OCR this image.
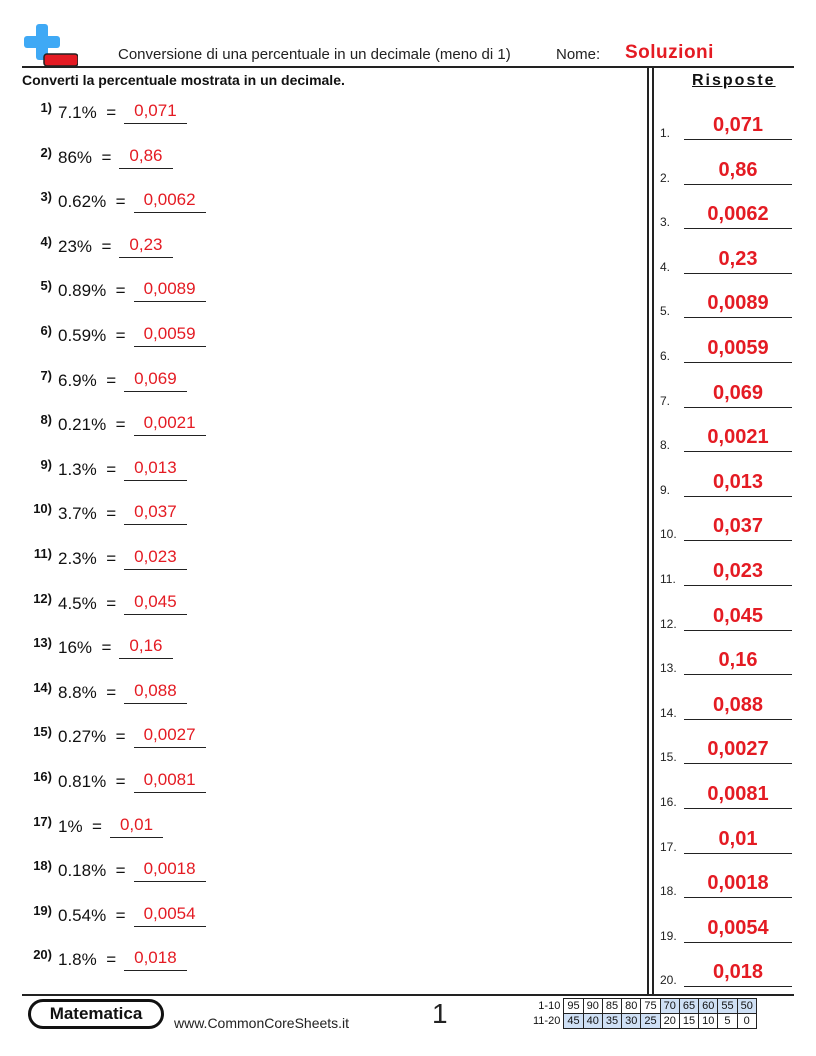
Conversione di una percentuale in un decimale (meno di 1)	Nome: Soluzioni
Converti la percentuale mostrata in un decimale.	Risposte
1) 7.1%  =	0,071
2) 86%  =	0,86
3) 0.62%  =	0,0062
4) 23%  =	0,23
5) 0.89%  =	0,0089
6) 0.59%  =	0,0059
7) 6.9%  =	0,069
8) 0.21%  =	0,0021
9) 1.3%  =	0,013
10) 3.7%  =	0,037
11) 2.3%  =	0,023
12) 4.5%  =	0,045
13) 16%  =	0,16
14) 8.8%  =	0,088
15) 0.27%  =	0,0027
16) 0.81%  =	0,0081
17) 1%  =	0,01
18) 0.18%  =	0,0018
19) 0.54%  =	0,0054
20) 1.8%  =	0,018
1.	0,071
2.	0,86
3.	0,0062
4.	0,23
5.	0,0089
6.	0,0059
7.	0,069
8.	0,0021
9.	0,013
10.	0,037
11.	0,023
12.	0,045
13.	0,16
14.	0,088
15.	0,0027
16.	0,0081
17.	0,01
18.	0,0018
19.	0,0054
20.	0,018
Matematica	www.CommonCoreSheets.it	1	1-10	95	90	85	80	75	70	65	60	55	50
11-20	45	40	35	30	25	20	15	10	5	0
